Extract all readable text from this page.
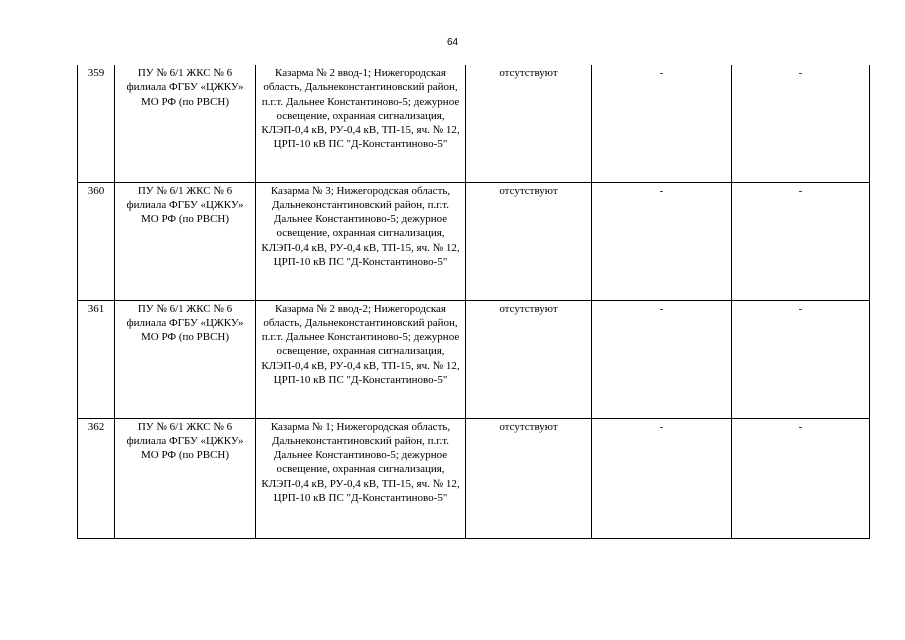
64
359	ПУ № 6/1 ЖКС № 6 филиала ФГБУ «ЦЖКУ» МО РФ (по РВСН)	Казарма № 2 ввод-1; Нижегородская область, Дальнеконстантиновский район, п.г.т. Дальнее Константиново-5; дежурное освещение, охранная сигнализация, КЛЭП-0,4 кВ, РУ-0,4 кВ, ТП-15, яч. № 12, ЦРП-10 кВ ПС "Д-Константиново-5"	отсутствуют	-	-
360	ПУ № 6/1 ЖКС № 6 филиала ФГБУ «ЦЖКУ» МО РФ (по РВСН)	Казарма № 3; Нижегородская область, Дальнеконстантиновский район, п.г.т. Дальнее Константиново-5; дежурное освещение, охранная сигнализация, КЛЭП-0,4 кВ, РУ-0,4 кВ, ТП-15, яч. № 12, ЦРП-10 кВ ПС "Д-Константиново-5"	отсутствуют	-	-
361	ПУ № 6/1 ЖКС № 6 филиала ФГБУ «ЦЖКУ» МО РФ (по РВСН)	Казарма № 2 ввод-2; Нижегородская область, Дальнеконстантиновский район, п.г.т. Дальнее Константиново-5; дежурное освещение, охранная сигнализация, КЛЭП-0,4 кВ, РУ-0,4 кВ, ТП-15, яч. № 12, ЦРП-10 кВ ПС "Д-Константиново-5"	отсутствуют	-	-
362	ПУ № 6/1 ЖКС № 6 филиала ФГБУ «ЦЖКУ» МО РФ (по РВСН)	Казарма № 1; Нижегородская область, Дальнеконстантиновский район, п.г.т. Дальнее Константиново-5; дежурное освещение, охранная сигнализация, КЛЭП-0,4 кВ, РУ-0,4 кВ, ТП-15, яч. № 12, ЦРП-10 кВ ПС "Д-Константиново-5"	отсутствуют	-	-
